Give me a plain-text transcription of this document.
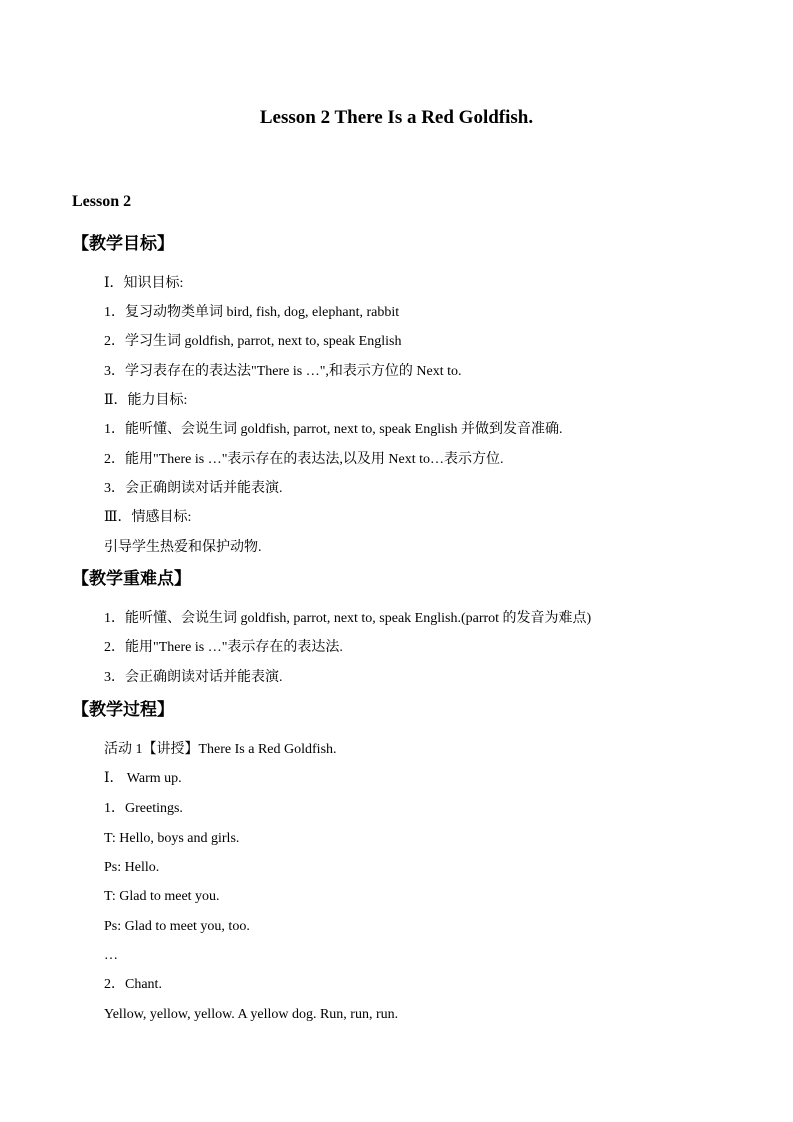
Lesson 2 There Is a Red Goldfish.

Lesson 2

【教学目标】

Ⅰ．知识目标:

1．复习动物类单词 bird, fish, dog, elephant, rabbit

2．学习生词 goldfish, parrot, next to, speak English

3．学习表存在的表达法"There is …",和表示方位的 Next to.

Ⅱ．能力目标:

1．能听懂、会说生词 goldfish, parrot, next to, speak English 并做到发音准确.

2．能用"There is …"表示存在的表达法,以及用 Next to…表示方位.

3．会正确朗读对话并能表演.

Ⅲ．情感目标:

引导学生热爱和保护动物.

【教学重难点】

1．能听懂、会说生词 goldfish, parrot, next to, speak English.(parrot 的发音为难点)

2．能用"There is …"表示存在的表达法.

3．会正确朗读对话并能表演.

【教学过程】

活动 1【讲授】There Is a Red Goldfish.

Ⅰ． Warm up.

1．Greetings.

T: Hello, boys and girls.

Ps: Hello.

T: Glad to meet you.

Ps: Glad to meet you, too.

…

2．Chant.

Yellow, yellow, yellow. A yellow dog. Run, run, run.
